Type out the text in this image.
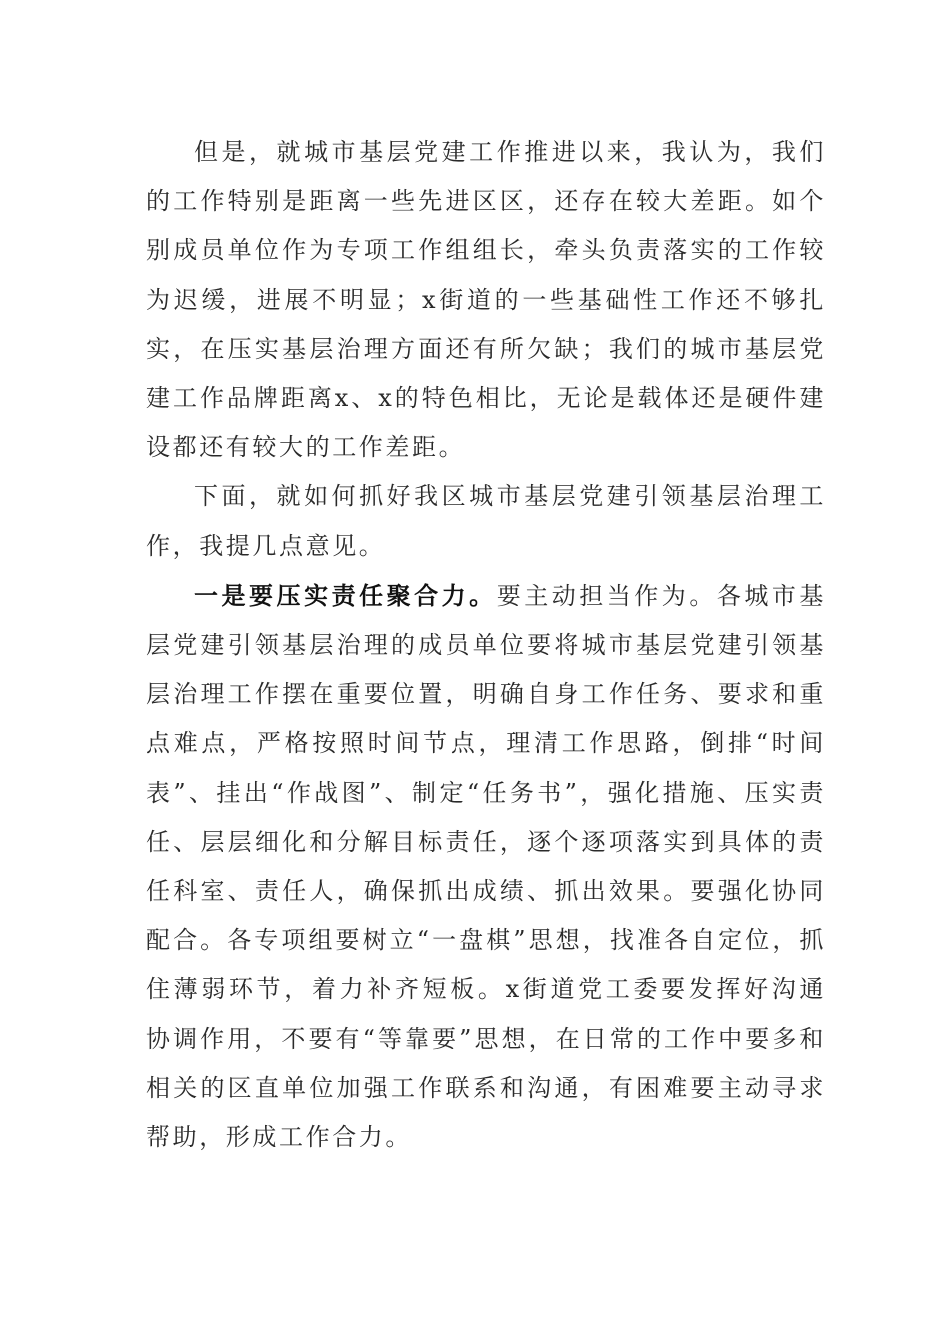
但是，就城市基层党建工作推进以来，我认为，我们的工作特别是距离一些先进区区，还存在较大差距。如个别成员单位作为专项工作组组长，牵头负责落实的工作较为迟缓，进展不明显；x街道的一些基础性工作还不够扎实，在压实基层治理方面还有所欠缺；我们的城市基层党建工作品牌距离x、x的特色相比，无论是载体还是硬件建设都还有较大的工作差距。

下面，就如何抓好我区城市基层党建引领基层治理工作，我提几点意见。

一是要压实责任聚合力。要主动担当作为。各城市基层党建引领基层治理的成员单位要将城市基层党建引领基层治理工作摆在重要位置，明确自身工作任务、要求和重点难点，严格按照时间节点，理清工作思路，倒排“时间表”、挂出“作战图”、制定“任务书”，强化措施、压实责任、层层细化和分解目标责任，逐个逐项落实到具体的责任科室、责任人，确保抓出成绩、抓出效果。要强化协同配合。各专项组要树立“一盘棋”思想，找准各自定位，抓住薄弱环节，着力补齐短板。x街道党工委要发挥好沟通协调作用，不要有“等靠要”思想，在日常的工作中要多和相关的区直单位加强工作联系和沟通，有困难要主动寻求帮助，形成工作合力。
